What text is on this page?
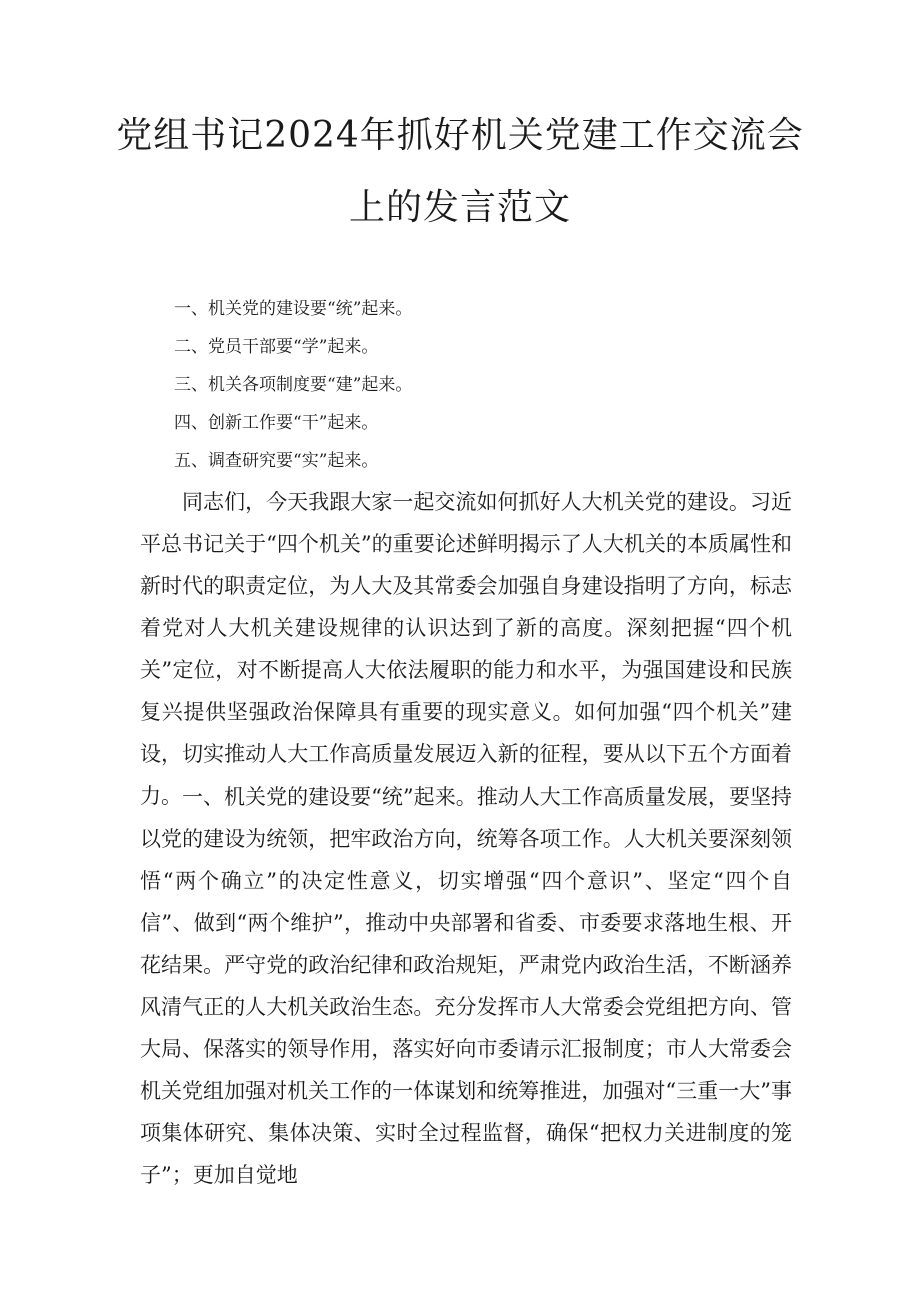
党组书记2024年抓好机关党建工作交流会
上的发言范文
一、机关党的建设要“统”起来。
二、党员干部要“学”起来。
三、机关各项制度要“建”起来。
四、创新工作要“干”起来。
五、调查研究要“实”起来。

同志们，今天我跟大家一起交流如何抓好人大机关党的建设。习近平总书记关于“四个机关”的重要论述鲜明揭示了人大机关的本质属性和新时代的职责定位，为人大及其常委会加强自身建设指明了方向，标志着党对人大机关建设规律的认识达到了新的高度。深刻把握“四个机关”定位，对不断提高人大依法履职的能力和水平，为强国建设和民族复兴提供坚强政治保障具有重要的现实意义。如何加强“四个机关”建设，切实推动人大工作高质量发展迈入新的征程，要从以下五个方面着力。 一、机关党的建设要“统”起来。推动人大工作高质量发展，要坚持以党的建设为统领，把牢政治方向，统筹各项工作。人大机关要深刻领悟“两个确立”的决定性意义，切实增强“四个意识”、坚定“四个自信”、做到“两个维护”，推动中央部署和省委、市委要求落地生根、开花结果。严守党的政治纪律和政治规矩，严肃党内政治生活，不断涵养风清气正的人大机关政治生态。充分发挥市人大常委会党组把方向、管大局、保落实的领导作用，落实好向市委请示汇报制度；市人大常委会机关党组加强对机关工作的一体谋划和统筹推进，加强对“三重一大”事项集体研究、集体决策、实时全过程监督，确保“把权力关进制度的笼子”；更加自觉地
